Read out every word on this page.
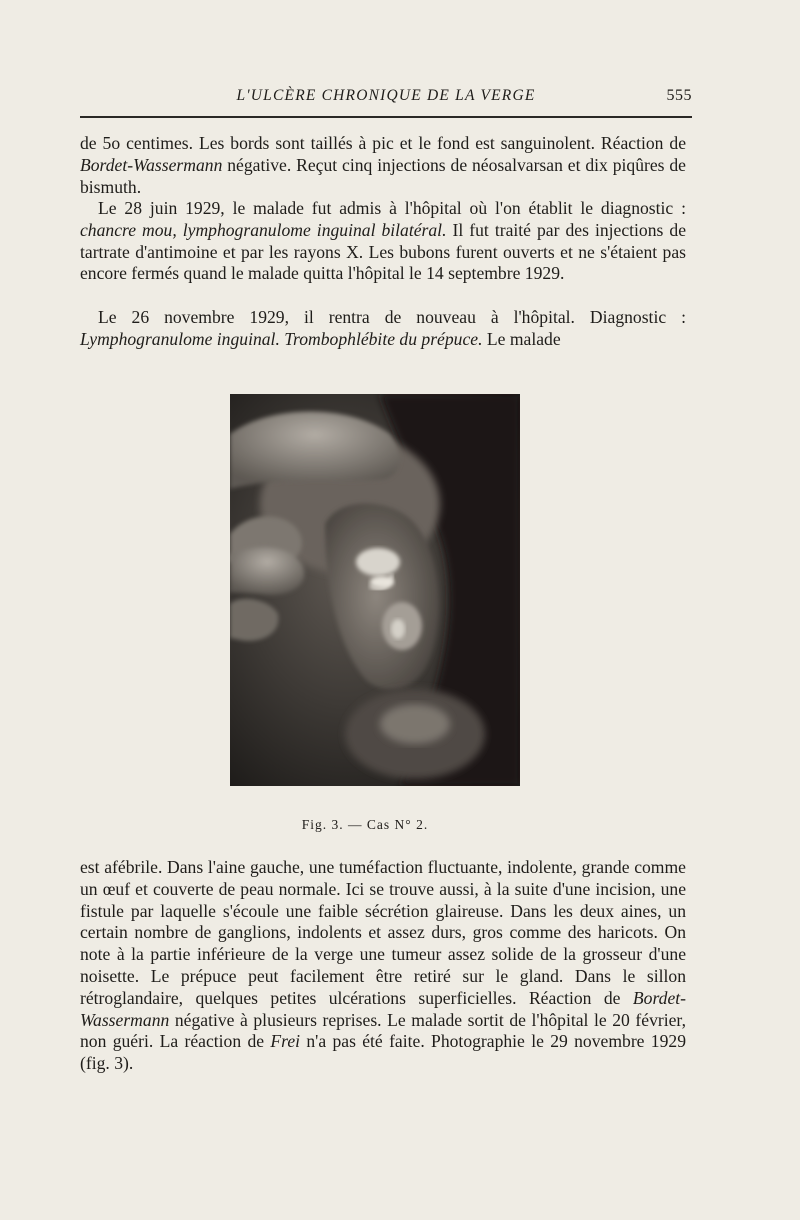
L'ULCÈRE CHRONIQUE DE LA VERGE	555

de 5o centimes. Les bords sont taillés à pic et le fond est sanguinolent. Réaction de Bordet-Wassermann négative. Reçut cinq injections de néosalvarsan et dix piqûres de bismuth.

Le 28 juin 1929, le malade fut admis à l'hôpital où l'on établit le diagnostic : chancre mou, lymphogranulome inguinal bilatéral. Il fut traité par des injections de tartrate d'antimoine et par les rayons X. Les bubons furent ouverts et ne s'étaient pas encore fermés quand le malade quitta l'hôpital le 14 septembre 1929.

Le 26 novembre 1929, il rentra de nouveau à l'hôpital. Diagnostic : Lymphogranulome inguinal. Trombophlébite du prépuce. Le malade

Fig. 3. — Cas N° 2.

est afébrile. Dans l'aine gauche, une tuméfaction fluctuante, indolente, grande comme un œuf et couverte de peau normale. Ici se trouve aussi, à la suite d'une incision, une fistule par laquelle s'écoule une faible sécrétion glaireuse. Dans les deux aines, un certain nombre de ganglions, indolents et assez durs, gros comme des haricots. On note à la partie inférieure de la verge une tumeur assez solide de la grosseur d'une noisette. Le prépuce peut facilement être retiré sur le gland. Dans le sillon rétroglandaire, quelques petites ulcérations superficielles. Réaction de Bordet-Wassermann négative à plusieurs reprises. Le malade sortit de l'hôpital le 20 février, non guéri. La réaction de Frei n'a pas été faite. Photographie le 29 novembre 1929 (fig. 3).
